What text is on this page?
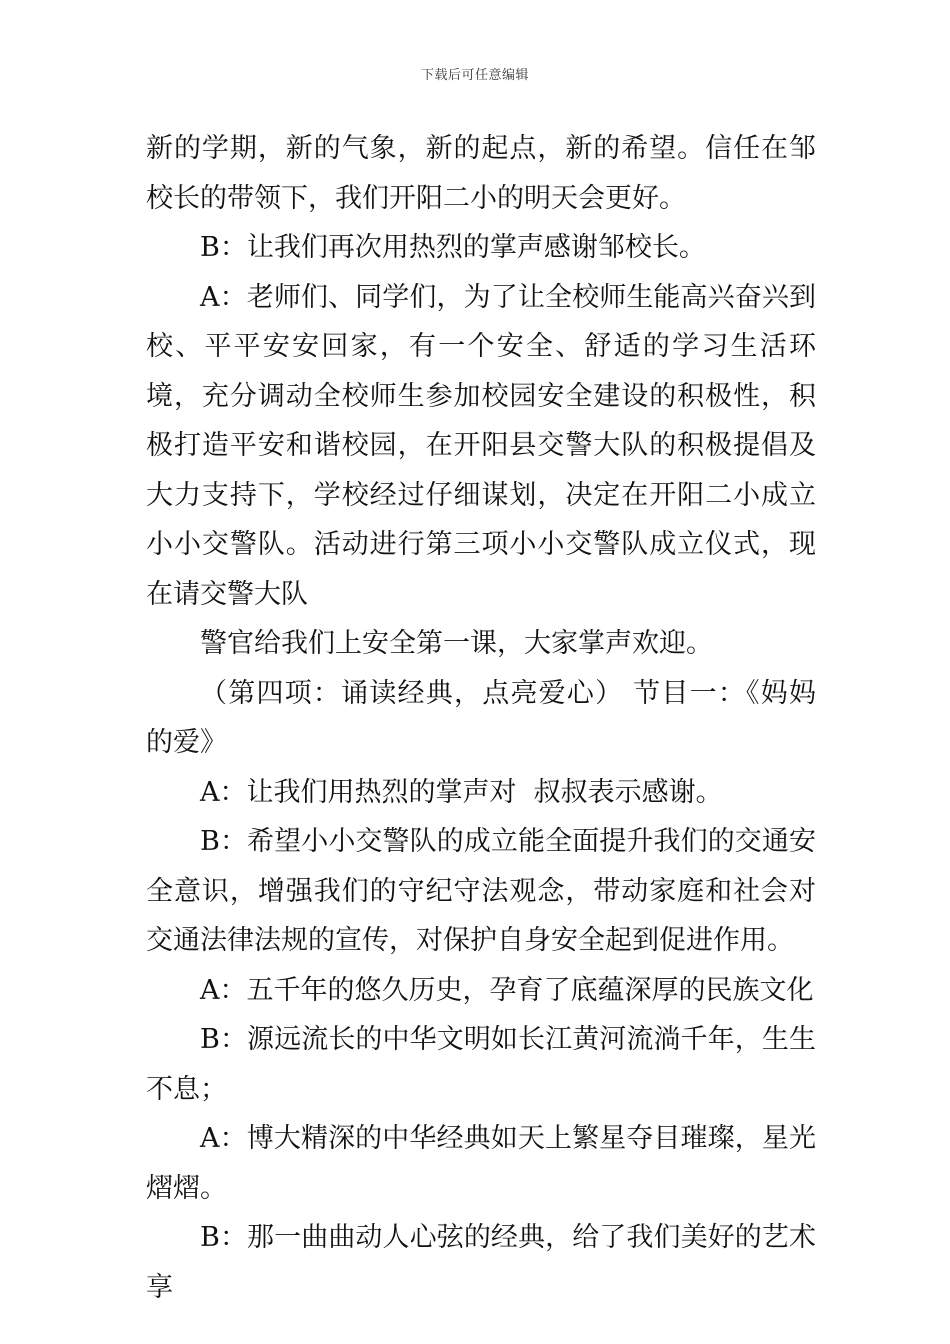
下载后可任意编辑

新的学期，新的气象，新的起点，新的希望。信任在邹校长的带领下，我们开阳二小的明天会更好。

B：让我们再次用热烈的掌声感谢邹校长。

A：老师们、同学们，为了让全校师生能高兴奋兴到校、平平安安回家，有一个安全、舒适的学习生活环境，充分调动全校师生参加校园安全建设的积极性，积极打造平安和谐校园，在开阳县交警大队的积极提倡及大力支持下，学校经过仔细谋划，决定在开阳二小成立小小交警队。活动进行第三项小小交警队成立仪式，现在请交警大队

警官给我们上安全第一课，大家掌声欢迎。

（第四项：诵读经典，点亮爱心） 节目一：《妈妈的爱》

A：让我们用热烈的掌声对  叔叔表示感谢。

B：希望小小交警队的成立能全面提升我们的交通安全意识，增强我们的守纪守法观念，带动家庭和社会对交通法律法规的宣传，对保护自身安全起到促进作用。

A：五千年的悠久历史，孕育了底蕴深厚的民族文化

B：源远流长的中华文明如长江黄河流淌千年，生生不息；

A：博大精深的中华经典如天上繁星夺目璀璨，星光熠熠。

B：那一曲曲动人心弦的经典，给了我们美好的艺术享
